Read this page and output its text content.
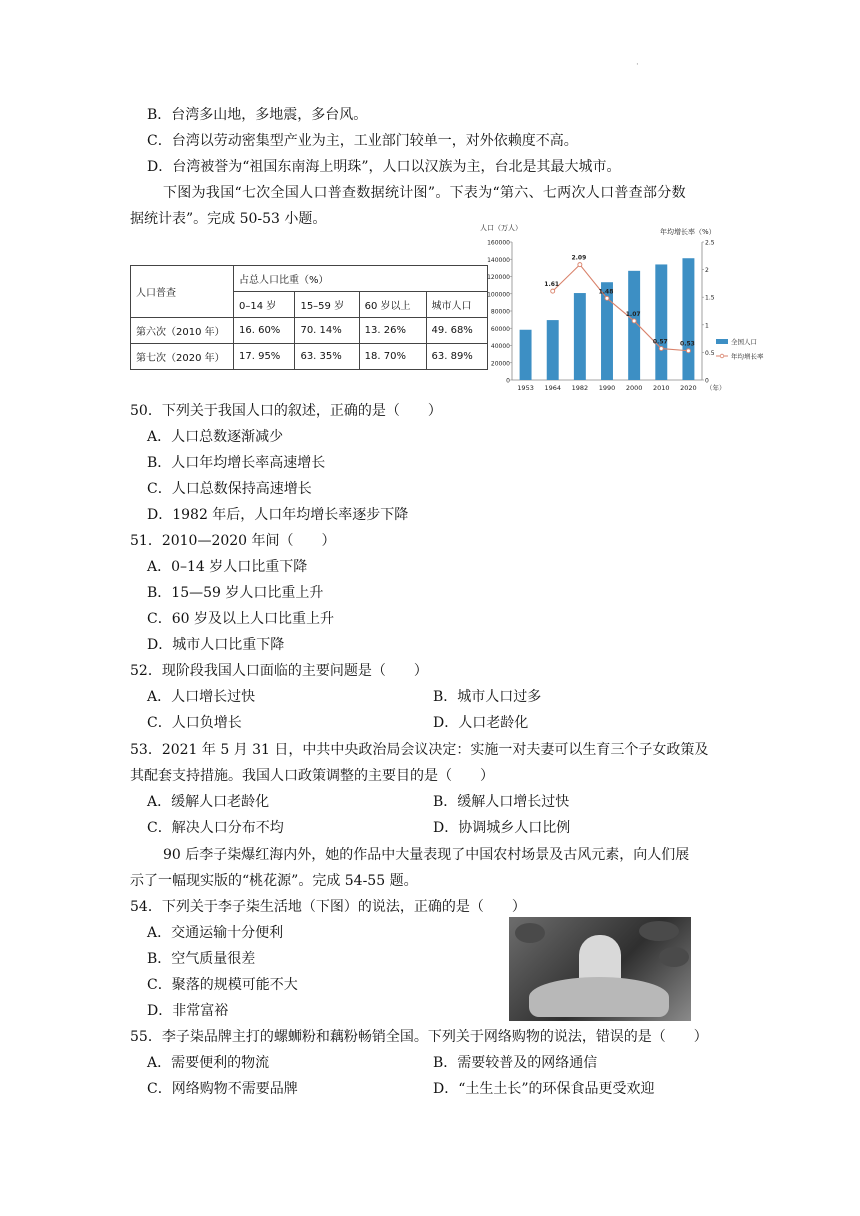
·
B．台湾多山地，多地震，多台风。
C．台湾以劳动密集型产业为主，工业部门较单一，对外依赖度不高。
D．台湾被誉为“祖国东南海上明珠”，人口以汉族为主，台北是其最大城市。
下图为我国“七次全国人口普查数据统计图”。下表为“第六、七两次人口普查部分数
据统计表”。完成 50-53 小题。
人口普查	占总人口比重（%）			
	0–14 岁	15–59 岁	60 岁以上	城市人口
第六次（2010 年）	16. 60%	70. 14%	13. 26%	49. 68%
第七次（2020 年）	17. 95%	63. 35%	18. 70%	63. 89%
人口（万人）	年均增长率（%）
160000
140000
120000
100000
80000
60000
40000
20000
0
2.5
2
1.5
1
0.5
0
1953 1964 1982 1990 2000 2010 2020 （年）
1.61
2.09
1.48
1.07
0.57 0.53	全国人口
年均增长率
50．下列关于我国人口的叙述，正确的是（　　）
A．人口总数逐渐减少
B．人口年均增长率高速增长
C．人口总数保持高速增长
D．1982 年后，人口年均增长率逐步下降
51．2010—2020 年间（　　）
A．0–14 岁人口比重下降
B．15—59 岁人口比重上升
C．60 岁及以上人口比重上升
D．城市人口比重下降
52．现阶段我国人口面临的主要问题是（　　）
A．人口增长过快	B．城市人口过多
C．人口负增长	D．人口老龄化
53．2021 年 5 月 31 日，中共中央政治局会议决定：实施一对夫妻可以生育三个子女政策及
其配套支持措施。我国人口政策调整的主要目的是（　　）
A．缓解人口老龄化	B．缓解人口增长过快
C．解决人口分布不均	D．协调城乡人口比例
90 后李子柒爆红海内外，她的作品中大量表现了中国农村场景及古风元素，向人们展
示了一幅现实版的“桃花源”。完成 54-55 题。
54．下列关于李子柒生活地（下图）的说法，正确的是（　　）
A．交通运输十分便利
B．空气质量很差
C．聚落的规模可能不大
D．非常富裕
55．李子柒品牌主打的螺蛳粉和藕粉畅销全国。下列关于网络购物的说法，错误的是（　　）
A．需要便利的物流	B．需要较普及的网络通信
C．网络购物不需要品牌	D．“土生土长”的环保食品更受欢迎
